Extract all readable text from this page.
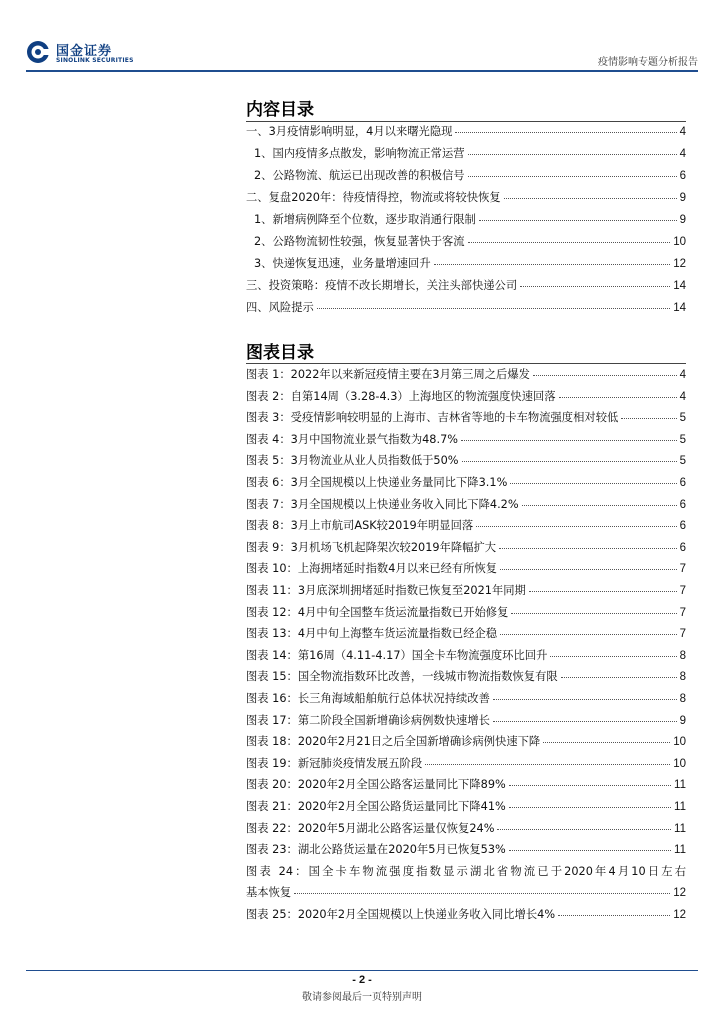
国金证券
SINOLINK SECURITIES	疫情影响专题分析报告
内容目录
一、3月疫情影响明显，4月以来曙光隐现	4
1、国内疫情多点散发，影响物流正常运营	4
2、公路物流、航运已出现改善的积极信号	6
二、复盘2020年：待疫情得控，物流或将较快恢复	9
1、新增病例降至个位数，逐步取消通行限制	9
2、公路物流韧性较强，恢复显著快于客流	10
3、快递恢复迅速，业务量增速回升	12
三、投资策略：疫情不改长期增长，关注头部快递公司	14
四、风险提示	14
图表目录
图表 1：2022年以来新冠疫情主要在3月第三周之后爆发	4
图表 2：自第14周（3.28-4.3）上海地区的物流强度快速回落	4
图表 3：受疫情影响较明显的上海市、吉林省等地的卡车物流强度相对较低	5
图表 4：3月中国物流业景气指数为48.7%	5
图表 5：3月物流业从业人员指数低于50%	5
图表 6：3月全国规模以上快递业务量同比下降3.1%	6
图表 7：3月全国规模以上快递业务收入同比下降4.2%	6
图表 8：3月上市航司ASK较2019年明显回落	6
图表 9：3月机场飞机起降架次较2019年降幅扩大	6
图表 10：上海拥堵延时指数4月以来已经有所恢复	7
图表 11：3月底深圳拥堵延时指数已恢复至2021年同期	7
图表 12：4月中旬全国整车货运流量指数已开始修复	7
图表 13：4月中旬上海整车货运流量指数已经企稳	7
图表 14：第16周（4.11-4.17）国全卡车物流强度环比回升	8
图表 15：国全物流指数环比改善，一线城市物流指数恢复有限	8
图表 16：长三角海域船舶航行总体状况持续改善	8
图表 17：第二阶段全国新增确诊病例数快速增长	9
图表 18：2020年2月21日之后全国新增确诊病例快速下降	10
图表 19：新冠肺炎疫情发展五阶段	10
图表 20：2020年2月全国公路客运量同比下降89%	11
图表 21：2020年2月全国公路货运量同比下降41%	11
图表 22：2020年5月湖北公路客运量仅恢复24%	11
图表 23：湖北公路货运量在2020年5月已恢复53%	11
图表 24：国全卡车物流强度指数显示湖北省物流已于2020年4月10日左右
基本恢复	12
图表 25：2020年2月全国规模以上快递业务收入同比增长4%	12
- 2 -
敬请参阅最后一页特别声明
